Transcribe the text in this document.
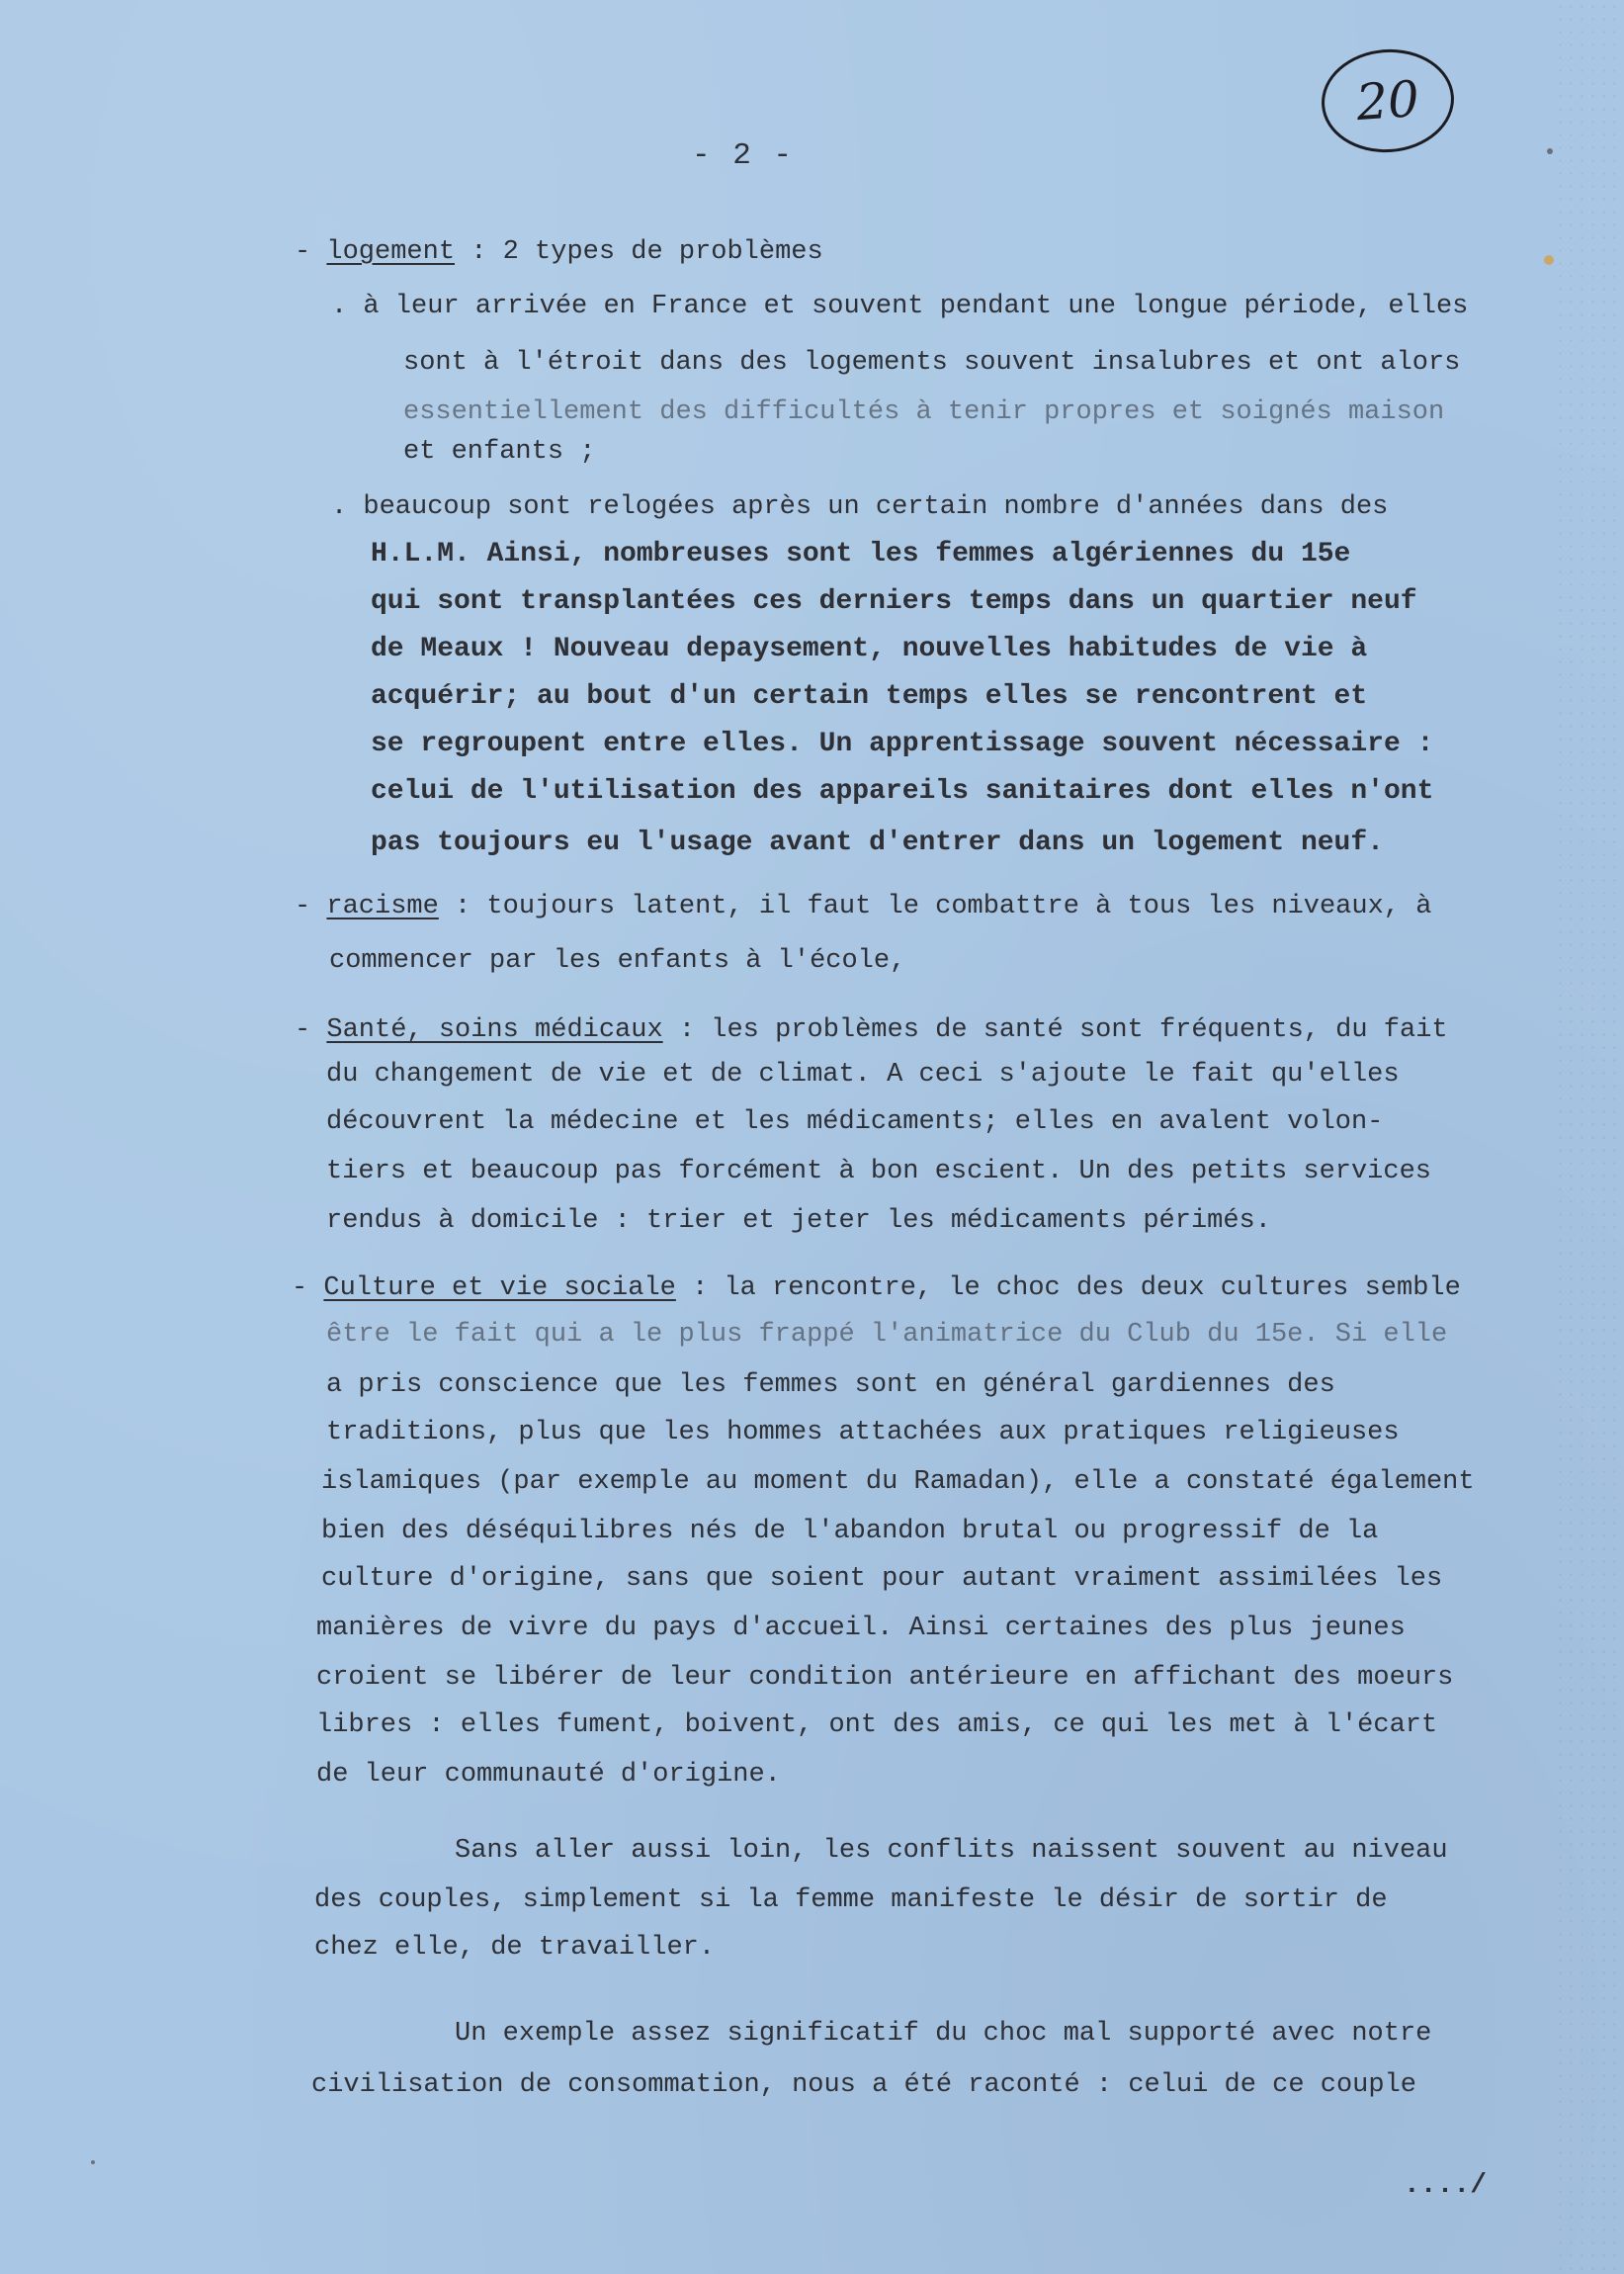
20
- 2 -
- logement : 2 types de problèmes
. à leur arrivée en France et souvent pendant une longue période, elles
sont à l'étroit dans des logements souvent insalubres et ont alors
essentiellement des difficultés à tenir propres et soignés maison
et enfants ;
. beaucoup sont relogées après un certain nombre d'années dans des
H.L.M. Ainsi, nombreuses sont les femmes algériennes du 15e
qui sont transplantées ces derniers temps dans un quartier neuf
de Meaux ! Nouveau depaysement, nouvelles habitudes de vie à
acquérir; au bout d'un certain temps elles se rencontrent et
se regroupent entre elles. Un apprentissage souvent nécessaire :
celui de l'utilisation des appareils sanitaires dont elles n'ont
pas toujours eu l'usage avant d'entrer dans un logement neuf.
- racisme : toujours latent, il faut le combattre à tous les niveaux, à
commencer par les enfants à l'école,
- Santé, soins médicaux : les problèmes de santé sont fréquents, du fait
du changement de vie et de climat. A ceci s'ajoute le fait qu'elles
découvrent la médecine et les médicaments; elles en avalent volon-
tiers et beaucoup pas forcément à bon escient. Un des petits services
rendus à domicile : trier et jeter les médicaments périmés.
- Culture et vie sociale : la rencontre, le choc des deux cultures semble
être le fait qui a le plus frappé l'animatrice du Club du 15e. Si elle
a pris conscience que les femmes sont en général gardiennes des
traditions, plus que les hommes attachées aux pratiques religieuses
islamiques (par exemple au moment du Ramadan), elle a constaté également
bien des déséquilibres nés de l'abandon brutal ou progressif de la
culture d'origine, sans que soient pour autant vraiment assimilées les
manières de vivre du pays d'accueil. Ainsi certaines des plus jeunes
croient se libérer de leur condition antérieure en affichant des moeurs
libres : elles fument, boivent, ont des amis, ce qui les met à l'écart
de leur communauté d'origine.
Sans aller aussi loin, les conflits naissent souvent au niveau
des couples, simplement si la femme manifeste le désir de sortir de
chez elle, de travailler.
Un exemple assez significatif du choc mal supporté avec notre
civilisation de consommation, nous a été raconté : celui de ce couple
..../
